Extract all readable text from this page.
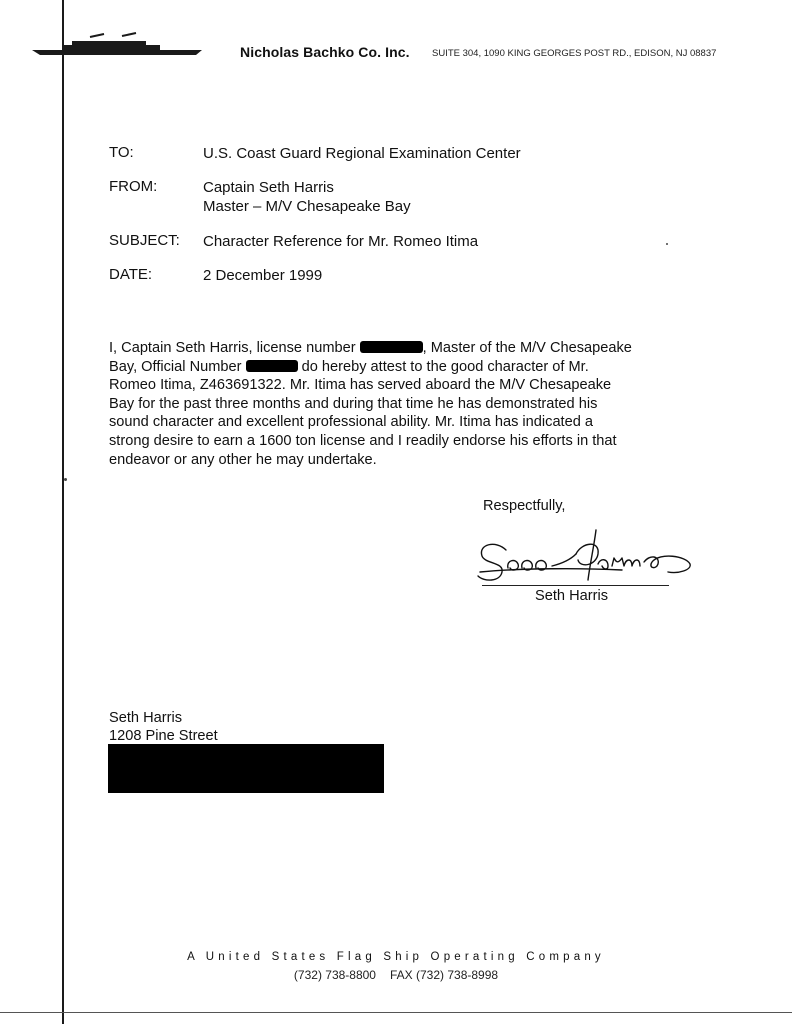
Nicholas Bachko Co. Inc. SUITE 304, 1090 KING GEORGES POST RD., EDISON, NJ 08837
TO:	U.S. Coast Guard Regional Examination Center
FROM:	Captain Seth Harris
Master – M/V Chesapeake Bay
SUBJECT: Character Reference for Mr. Romeo Itima
DATE:	2 December 1999
I, Captain Seth Harris, license number	, Master of the M/V Chesapeake
Bay, Official Number	do hereby attest to the good character of Mr.
Romeo Itima, Z463691322. Mr. Itima has served aboard the M/V Chesapeake
Bay for the past three months and during that time he has demonstrated his
sound character and excellent professional ability. Mr. Itima has indicated a
strong desire to earn a 1600 ton license and I readily endorse his efforts in that
endeavor or any other he may undertake.
Respectfully,
Seth Harris
Seth Harris
1208 Pine Street
A United States Flag Ship Operating Company
(732) 738-8800 FAX (732) 738-8998
